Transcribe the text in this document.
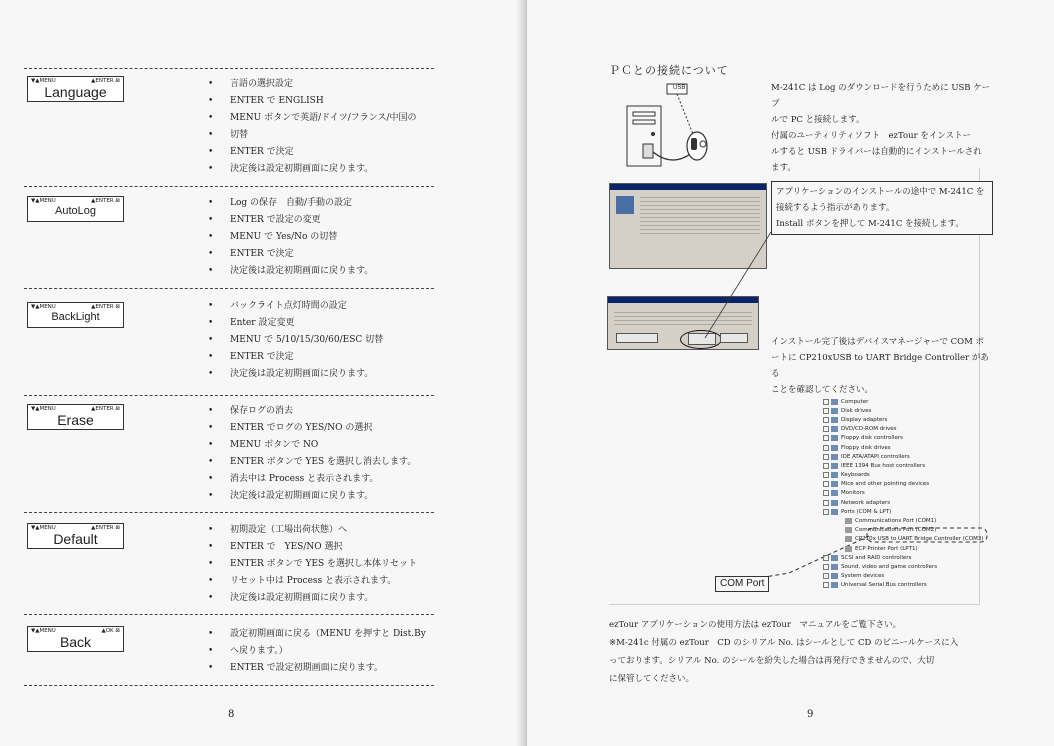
▼▲MENU	▲ENTER ⊠
Language	• 言語の選択設定
• ENTER で ENGLISH
• MENU ボタンで英語/ドイツ/フランス/中国の
• 切替
• ENTER で決定
• 決定後は設定初期画面に戻ります。
▼▲MENU	▲ENTER ⊠
AutoLog
• Log の保存　自動/手動の設定
• ENTER で設定の変更
• MENU で Yes/No の切替
• ENTER で決定
• 決定後は設定初期画面に戻ります。
▼▲MENU	▲ENTER ⊠
BackLight
• バックライト点灯時間の設定
• Enter 設定変更
• MENU で 5/10/15/30/60/ESC 切替
• ENTER で決定
• 決定後は設定初期画面に戻ります。
▼▲MENU	▲ENTER ⊠
Erase
• 保存ログの消去
• ENTER でログの YES/NO の選択
• MENU ボタンで NO
• ENTER ボタンで YES を選択し消去します。
• 消去中は Process と表示されます。
• 決定後は設定初期画面に戻ります。
▼▲MENU	▲ENTER ⊠
Default
• 初期設定（工場出荷状態）へ
• ENTER で　YES/NO 選択
• ENTER ボタンで YES を選択し本体リセット
• リセット中は Process と表示されます。
• 決定後は設定初期画面に戻ります。
▼▲MENU	▲OK ⊠
Back	• 設定初期画面に戻る（MENU を押すと Dist.By
• へ戻ります。）
• ENTER で設定初期画面に戻ります。
8
ＰＣとの接続について
USB	M-241C は Log のダウンロードを行うために USB ケーブ
ルで PC と接続します。
付属のユーティリティソフト　ezTour をインストー
ルすると USB ドライバーは自動的にインストールされ
ます。
アプリケーションのインストールの途中で M-241C を
接続するよう指示があります。
Install ボタンを押して M-241C を接続します。
インストール完了後はデバイスマネージャーで COM ポ
ートに CP210xUSB to UART Bridge Controller がある
ことを確認してください。
Computer
Disk drives
Display adapters
DVD/CD-ROM drives
Floppy disk controllers
Floppy disk drives
IDE ATA/ATAPI controllers
IEEE 1394 Bus host controllers
Keyboards
Mice and other pointing devices
Monitors
Network adapters
Ports (COM & LPT)
Communications Port (COM1)
Communications Port (COM2)
CP210x USB to UART Bridge Controller (COM3)
ECP Printer Port (LPT1)
SCSI and RAID controllers
Sound, video and game controllers
System devices
Universal Serial Bus controllers
COM Port
ezTour アプリケーションの使用方法は ezTour　マニュアルをご覧下さい。
※M-241c 付属の ezTour　CD のシリアル No. はシールとして CD のビニールケースに入
っております。シリアル No. のシールを紛失した場合は再発行できませんので、大切
に保管してください。
9
